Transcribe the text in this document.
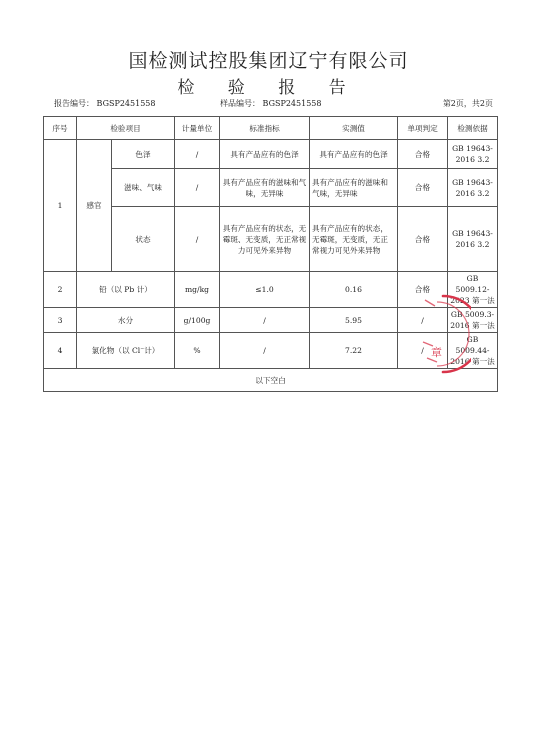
国检测试控股集团辽宁有限公司
检 验 报 告
报告编号： BGSP2451558	样品编号： BGSP2451558	第2页，共2页
序号	检验项目		计量单位	标准指标	实测值	单项判定	检测依据
1	感官	色泽	/	具有产品应有的色泽	具有产品应有的色泽	合格	GB 19643-2016 3.2
		滋味、气味	/	具有产品应有的滋味和气味，无异味	具有产品应有的滋味和气味，无异味	合格	GB 19643-2016 3.2
		状态	/	具有产品应有的状态，无霉斑、无变质，无正常视力可见外来异物	具有产品应有的状态，无霉斑，无变质，无正常视力可见外来异物	合格	GB 19643-2016 3.2
2	铅（以 Pb 计）		mg/kg	≤1.0	0.16	合格	GB 5009.12-2023 第一法
3	水分		g/100g	/	5.95	/	GB 5009.3-2016 第一法
4	氯化物（以 Cl⁻计）		%	/	7.22	/	GB 5009.44-2016 第一法
以下空白							
章
